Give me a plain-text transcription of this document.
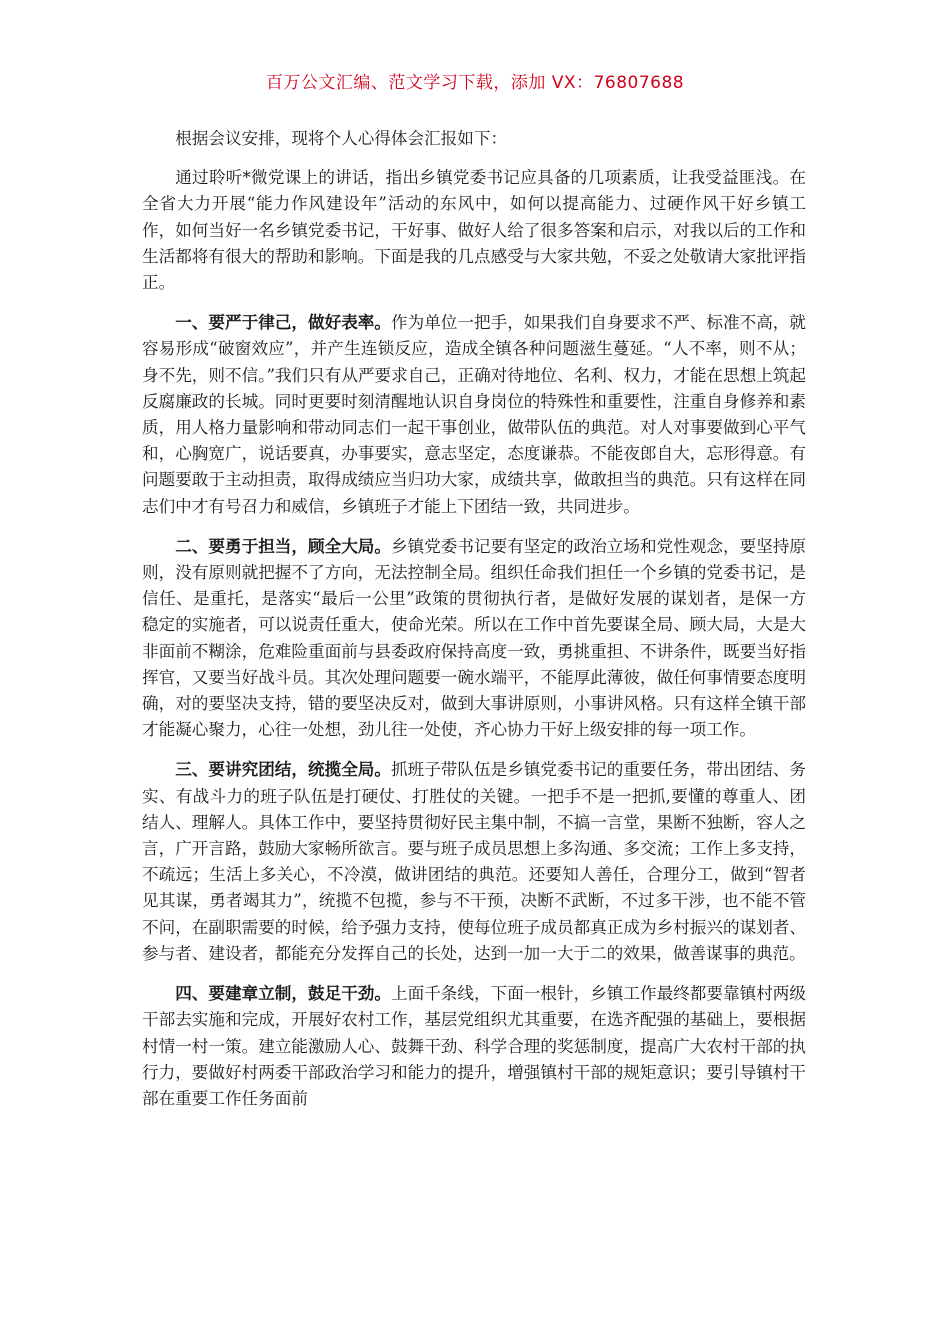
百万公文汇编、范文学习下载，添加 VX：76807688

根据会议安排，现将个人心得体会汇报如下：

通过聆听*微党课上的讲话，指出乡镇党委书记应具备的几项素质，让我受益匪浅。在全省大力开展“能力作风建设年”活动的东风中，如何以提高能力、过硬作风干好乡镇工作，如何当好一名乡镇党委书记，干好事、做好人给了很多答案和启示，对我以后的工作和生活都将有很大的帮助和影响。下面是我的几点感受与大家共勉，不妥之处敬请大家批评指正。

一、要严于律己，做好表率。作为单位一把手，如果我们自身要求不严、标准不高，就容易形成“破窗效应”，并产生连锁反应，造成全镇各种问题滋生蔓延。“人不率，则不从；身不先，则不信。”我们只有从严要求自己，正确对待地位、名利、权力，才能在思想上筑起反腐廉政的长城。同时更要时刻清醒地认识自身岗位的特殊性和重要性，注重自身修养和素质，用人格力量影响和带动同志们一起干事创业，做带队伍的典范。对人对事要做到心平气和，心胸宽广，说话要真，办事要实，意志坚定，态度谦恭。不能夜郎自大，忘形得意。有问题要敢于主动担责，取得成绩应当归功大家，成绩共享，做敢担当的典范。只有这样在同志们中才有号召力和威信，乡镇班子才能上下团结一致，共同进步。

二、要勇于担当，顾全大局。乡镇党委书记要有坚定的政治立场和党性观念，要坚持原则，没有原则就把握不了方向，无法控制全局。组织任命我们担任一个乡镇的党委书记，是信任、是重托，是落实“最后一公里”政策的贯彻执行者，是做好发展的谋划者，是保一方稳定的实施者，可以说责任重大，使命光荣。所以在工作中首先要谋全局、顾大局，大是大非面前不糊涂，危难险重面前与县委政府保持高度一致，勇挑重担、不讲条件，既要当好指挥官，又要当好战斗员。其次处理问题要一碗水端平，不能厚此薄彼，做任何事情要态度明确，对的要坚决支持，错的要坚决反对，做到大事讲原则，小事讲风格。只有这样全镇干部才能凝心聚力，心往一处想，劲儿往一处使，齐心协力干好上级安排的每一项工作。

三、要讲究团结，统揽全局。抓班子带队伍是乡镇党委书记的重要任务，带出团结、务实、有战斗力的班子队伍是打硬仗、打胜仗的关键。一把手不是一把抓,要懂的尊重人、团结人、理解人。具体工作中，要坚持贯彻好民主集中制，不搞一言堂，果断不独断，容人之言，广开言路，鼓励大家畅所欲言。要与班子成员思想上多沟通、多交流；工作上多支持，不疏远；生活上多关心，不冷漠，做讲团结的典范。还要知人善任，合理分工，做到“智者见其谋，勇者竭其力”，统揽不包揽，参与不干预，决断不武断，不过多干涉，也不能不管不问，在副职需要的时候，给予强力支持，使每位班子成员都真正成为乡村振兴的谋划者、参与者、建设者，都能充分发挥自己的长处，达到一加一大于二的效果，做善谋事的典范。

四、要建章立制，鼓足干劲。上面千条线，下面一根针，乡镇工作最终都要靠镇村两级干部去实施和完成，开展好农村工作，基层党组织尤其重要，在选齐配强的基础上，要根据村情一村一策。建立能激励人心、鼓舞干劲、科学合理的奖惩制度，提高广大农村干部的执行力，要做好村两委干部政治学习和能力的提升，增强镇村干部的规矩意识；要引导镇村干部在重要工作任务面前
